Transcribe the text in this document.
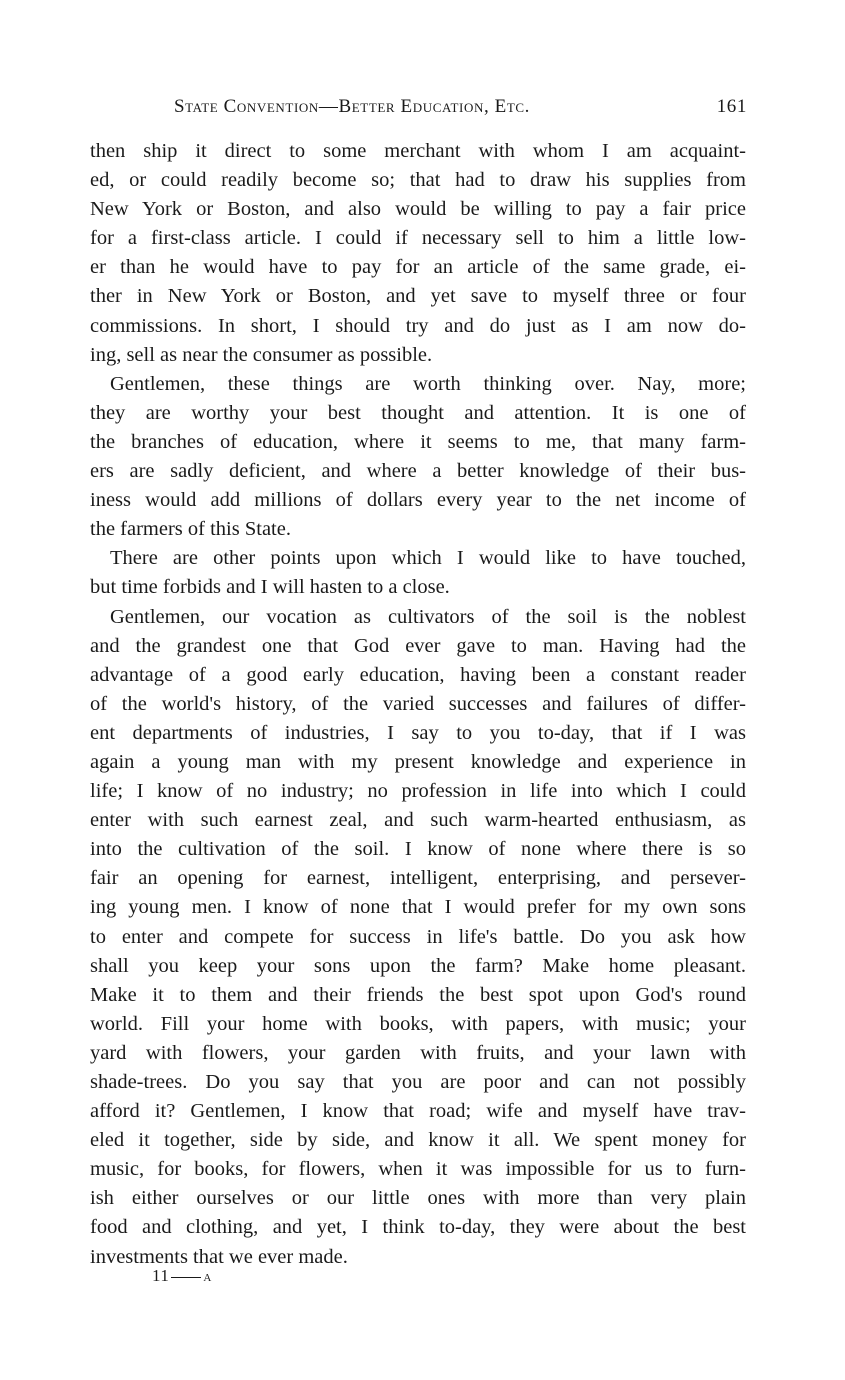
State Convention—Better Education, Etc.	161
then ship it direct to some merchant with whom I am acquaint-
ed, or could readily become so; that had to draw his supplies from
New York or Boston, and also would be willing to pay a fair price
for a first-class article. I could if necessary sell to him a little low-
er than he would have to pay for an article of the same grade, ei-
ther in New York or Boston, and yet save to myself three or four
commissions. In short, I should try and do just as I am now do-
ing, sell as near the consumer as possible.
Gentlemen, these things are worth thinking over. Nay, more;
they are worthy your best thought and attention. It is one of
the branches of education, where it seems to me, that many farm-
ers are sadly deficient, and where a better knowledge of their bus-
iness would add millions of dollars every year to the net income of
the farmers of this State.
There are other points upon which I would like to have touched,
but time forbids and I will hasten to a close.
Gentlemen, our vocation as cultivators of the soil is the noblest
and the grandest one that God ever gave to man. Having had the
advantage of a good early education, having been a constant reader
of the world's history, of the varied successes and failures of differ-
ent departments of industries, I say to you to-day, that if I was
again a young man with my present knowledge and experience in
life; I know of no industry; no profession in life into which I could
enter with such earnest zeal, and such warm-hearted enthusiasm, as
into the cultivation of the soil. I know of none where there is so
fair an opening for earnest, intelligent, enterprising, and persever-
ing young men. I know of none that I would prefer for my own sons
to enter and compete for success in life's battle. Do you ask how
shall you keep your sons upon the farm? Make home pleasant.
Make it to them and their friends the best spot upon God's round
world. Fill your home with books, with papers, with music; your
yard with flowers, your garden with fruits, and your lawn with
shade-trees. Do you say that you are poor and can not possibly
afford it? Gentlemen, I know that road; wife and myself have trav-
eled it together, side by side, and know it all. We spent money for
music, for books, for flowers, when it was impossible for us to furn-
ish either ourselves or our little ones with more than very plain
food and clothing, and yet, I think to-day, they were about the best
investments that we ever made.
11 a
